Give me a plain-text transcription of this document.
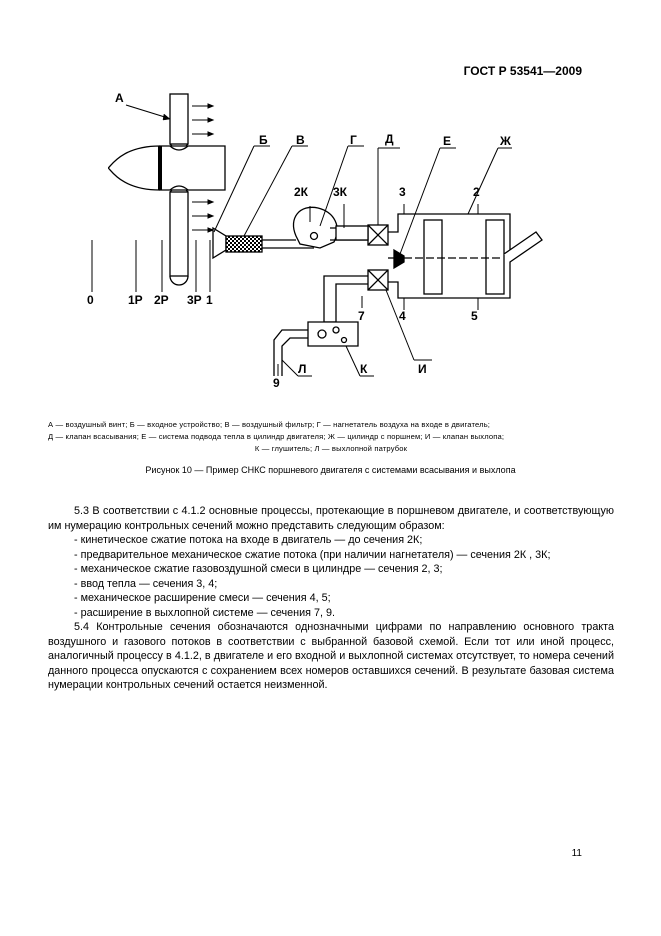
ГОСТ Р 53541—2009
А
Б В	Г Д	Е	Ж
2К 3К	3	2
4	5
7
9
0	1Р 2Р 3Р 1
К
Л	И
А — воздушный винт; Б — входное устройство; В — воздушный фильтр; Г — нагнетатель воздуха на входе в двигатель;
Д — клапан всасывания; Е — система подвода тепла в цилиндр двигателя; Ж — цилиндр с поршнем; И — клапан выхлопа;
К — глушитель; Л — выхлопной патрубок
Рисунок 10 — Пример СНКС поршневого двигателя с системами всасывания и выхлопа

5.3 В соответствии с 4.1.2 основные процессы, протекающие в поршневом двигателе, и соответствующую им нумерацию контрольных сечений можно представить следующим образом:

- кинетическое сжатие потока на входе в двигатель — до сечения 2К;

- предварительное механическое сжатие потока (при наличии нагнетателя) — сечения 2К , 3К;

- механическое сжатие газовоздушной смеси в цилиндре — сечения 2, 3;

- ввод тепла — сечения 3, 4;

- механическое расширение смеси — сечения 4, 5;

- расширение в выхлопной системе — сечения 7, 9.

5.4 Контрольные сечения обозначаются однозначными цифрами по направлению основного тракта воздушного и газового потоков в соответствии с выбранной базовой схемой. Если тот или иной процесс, аналогичный процессу в 4.1.2, в двигателе и его входной и выхлопной системах отсутствует, то номера сечений данного процесса опускаются с сохранением всех номеров оставшихся сечений. В результате базовая система нумерации контрольных сечений остается неизменной.

11
